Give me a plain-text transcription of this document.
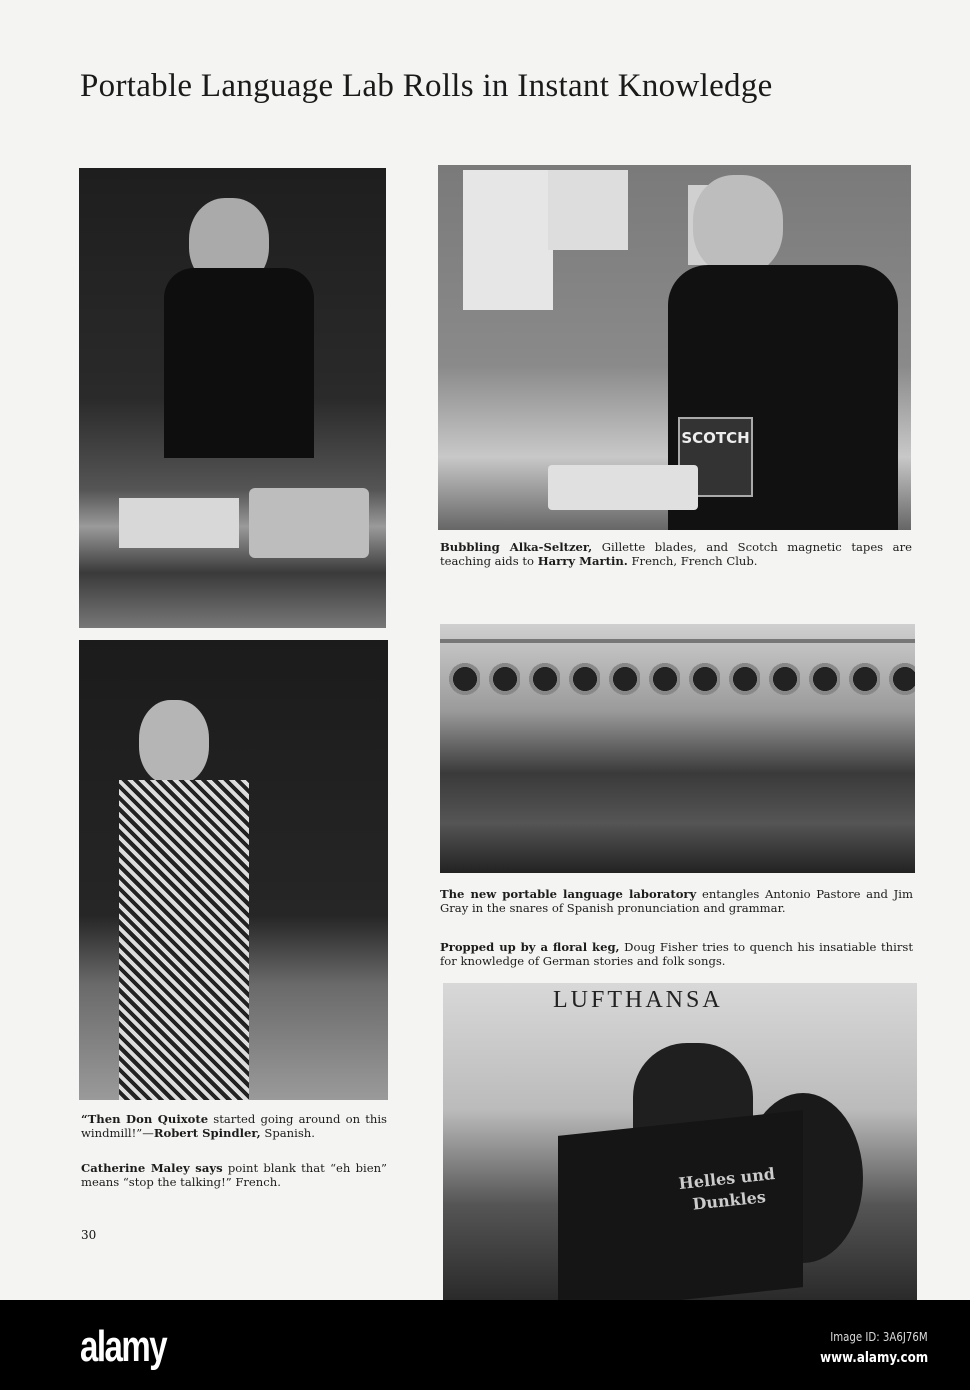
Portable Language Lab Rolls in Instant Knowledge
SCOTCH
Bubbling Alka-Seltzer, Gillette blades, and Scotch magnetic tapes are teaching aids to Harry Martin. French, French Club.
“Then Don Quixote started going around on this windmill!”—Robert Spindler, Spanish.
Catherine Maley says point blank that “eh bien” means “stop the talking!” French.
30
The new portable language laboratory entangles Antonio Pastore and Jim Gray in the snares of Spanish pronunciation and grammar.
Propped up by a floral keg, Doug Fisher tries to quench his insatiable thirst for knowledge of German stories and folk songs.
LUFTHANSA
Helles und Dunkles
alamy	Image ID: 3A6J76M
www.alamy.com
